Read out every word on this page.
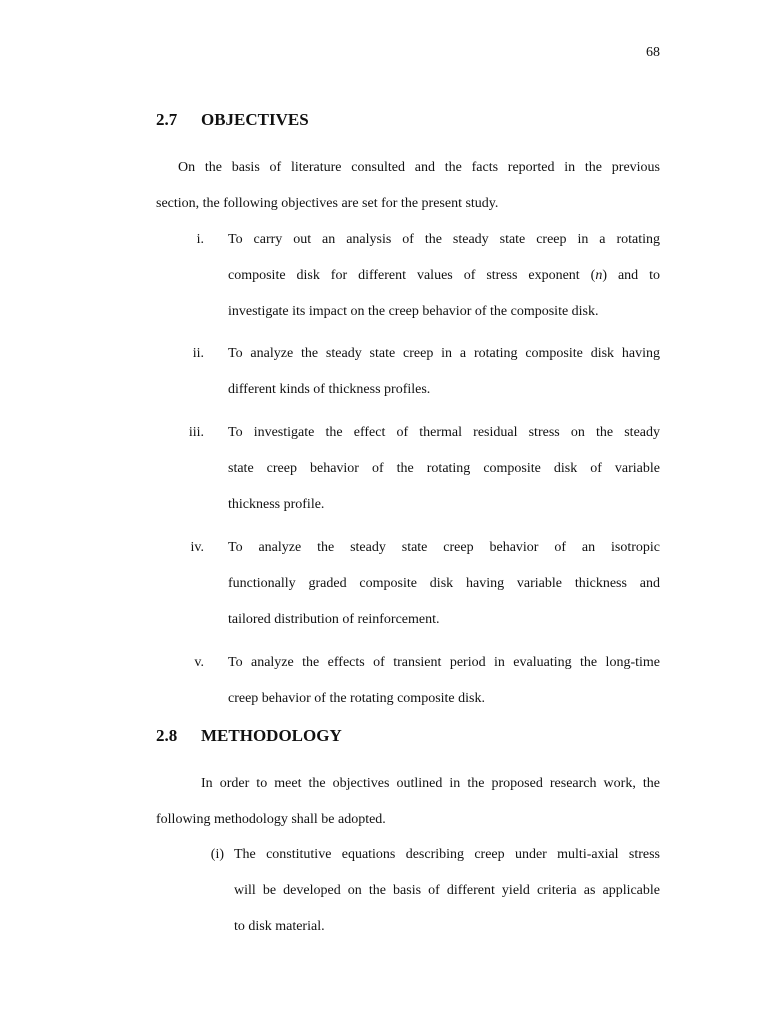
68
2.7 OBJECTIVES
On the basis of literature consulted and the facts reported in the previous
section, the following objectives are set for the present study.
i. To carry out an analysis of the steady state creep in a rotating
composite disk for different values of stress exponent (n) and to
investigate its impact on the creep behavior of the composite disk.
ii. To analyze the steady state creep in a rotating composite disk having
different kinds of thickness profiles.
iii. To investigate the effect of thermal residual stress on the steady
state creep behavior of the rotating composite disk of variable
thickness profile.
iv. To analyze the steady state creep behavior of an isotropic
functionally graded composite disk having variable thickness and
tailored distribution of reinforcement.
v. To analyze the effects of transient period in evaluating the long-time
creep behavior of the rotating composite disk.
2.8 METHODOLOGY
In order to meet the objectives outlined in the proposed research work, the
following methodology shall be adopted.
(i) The constitutive equations describing creep under multi-axial stress
will be developed on the basis of different yield criteria as applicable
to disk material.
